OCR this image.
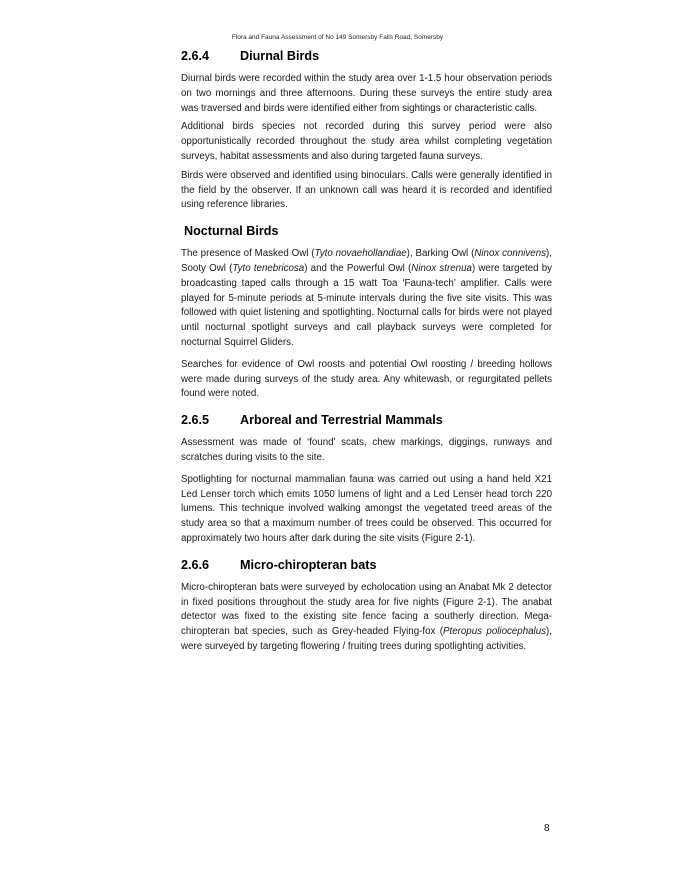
Flora and Fauna Assessment of No 149 Somersby Falls Road, Somersby
2.6.4 Diurnal Birds

Diurnal birds were recorded within the study area over 1-1.5 hour observation periods on two mornings and three afternoons. During these surveys the entire study area was traversed and birds were identified either from sightings or characteristic calls.

Additional birds species not recorded during this survey period were also opportunistically recorded throughout the study area whilst completing vegetation surveys, habitat assessments and also during targeted fauna surveys.

Birds were observed and identified using binoculars. Calls were generally identified in the field by the observer. If an unknown call was heard it is recorded and identified using reference libraries.

Nocturnal Birds

The presence of Masked Owl (Tyto novaehollandiae), Barking Owl (Ninox connivens), Sooty Owl (Tyto tenebricosa) and the Powerful Owl (Ninox strenua) were targeted by broadcasting taped calls through a 15 watt Toa ‘Fauna-tech’ amplifier. Calls were played for 5-minute periods at 5-minute intervals during the five site visits. This was followed with quiet listening and spotlighting. Nocturnal calls for birds were not played until nocturnal spotlight surveys and call playback surveys were completed for nocturnal Squirrel Gliders.

Searches for evidence of Owl roosts and potential Owl roosting / breeding hollows were made during surveys of the study area. Any whitewash, or regurgitated pellets found were noted.

2.6.5 Arboreal and Terrestrial Mammals

Assessment was made of ‘found’ scats, chew markings, diggings, runways and scratches during visits to the site.

Spotlighting for nocturnal mammalian fauna was carried out using a hand held X21 Led Lenser torch which emits 1050 lumens of light and a Led Lenser head torch 220 lumens. This technique involved walking amongst the vegetated treed areas of the study area so that a maximum number of trees could be observed. This occurred for approximately two hours after dark during the site visits (Figure 2-1).

2.6.6 Micro-chiropteran bats

Micro-chiropteran bats were surveyed by echolocation using an Anabat Mk 2 detector in fixed positions throughout the study area for five nights (Figure 2-1). The anabat detector was fixed to the existing site fence facing a southerly direction. Mega-chiropteran bat species, such as Grey-headed Flying-fox (Pteropus poliocephalus), were surveyed by targeting flowering / fruiting trees during spotlighting activities.

8
